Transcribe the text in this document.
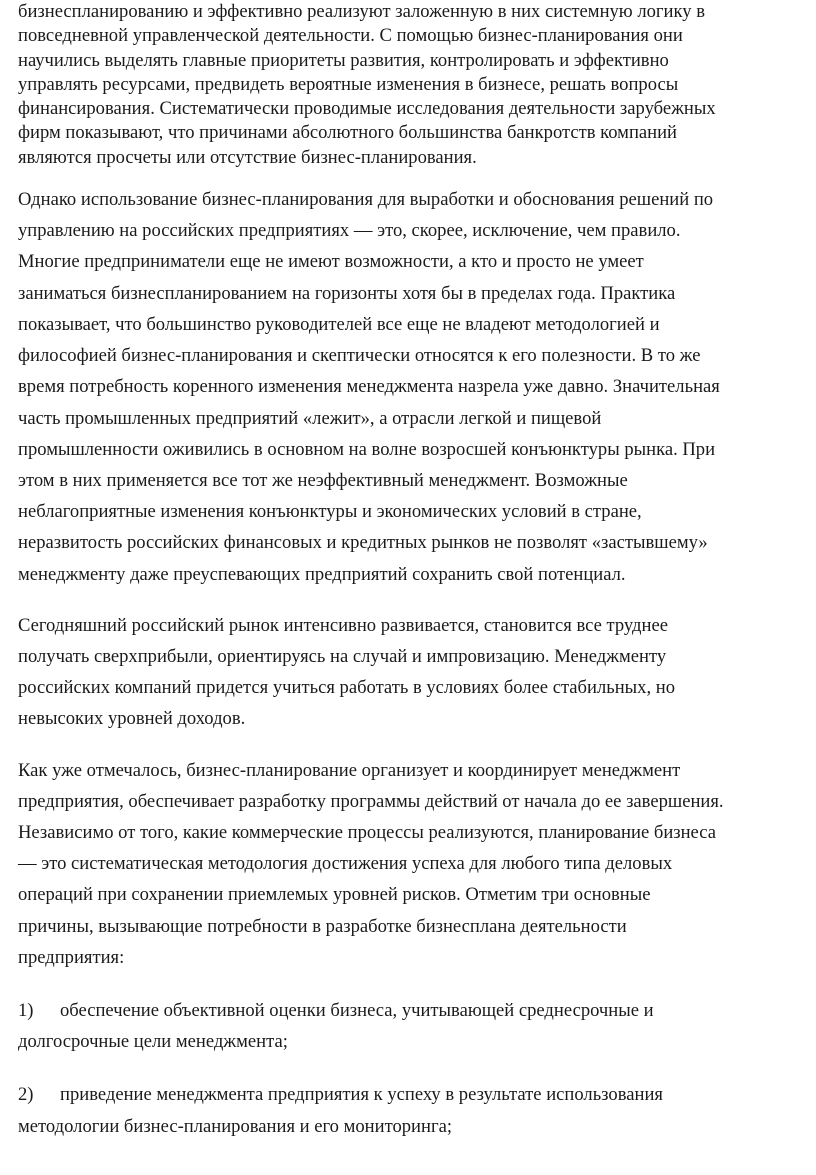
бизнеспланированию и эффективно реализуют заложенную в них системную логику в
повседневной управленческой деятельности. С помощью бизнес-планирования они
научились выделять главные приоритеты развития, контролировать и эффективно
управлять ресурсами, предвидеть вероятные изменения в бизнесе, решать вопросы
финансирования. Систематически проводимые исследования деятельности зарубежных
фирм показывают, что причинами абсолютного большинства банкротств компаний
являются просчеты или отсутствие бизнес-планирования.

Однако использование бизнес-планирования для выработки и обоснования решений по
управлению на российских предприятиях — это, скорее, исключение, чем правило.
Многие предприниматели еще не имеют возможности, а кто и просто не умеет
заниматься бизнеспланированием на горизонты хотя бы в пределах года. Практика
показывает, что большинство руководителей все еще не владеют методологией и
философией бизнес-планирования и скептически относятся к его полезности. В то же
время потребность коренного изменения менеджмента назрела уже давно. Значительная
часть промышленных предприятий «лежит», а отрасли легкой и пищевой
промышленности оживились в основном на волне возросшей конъюнктуры рынка. При
этом в них применяется все тот же неэффективный менеджмент. Возможные
неблагоприятные изменения конъюнктуры и экономических условий в стране,
неразвитость российских финансовых и кредитных рынков не позволят «застывшему»
менеджменту даже преуспевающих предприятий сохранить свой потенциал.

Сегодняшний российский рынок интенсивно развивается, становится все труднее
получать сверхприбыли, ориентируясь на случай и импровизацию. Менеджменту
российских компаний придется учиться работать в условиях более стабильных, но
невысоких уровней доходов.

Как уже отмечалось, бизнес-планирование организует и координирует менеджмент
предприятия, обеспечивает разработку программы действий от начала до ее завершения.
Независимо от того, какие коммерческие процессы реализуются, планирование бизнеса
— это систематическая методология достижения успеха для любого типа деловых
операций при сохранении приемлемых уровней рисков. Отметим три основные
причины, вызывающие потребности в разработке бизнесплана деятельности
предприятия:

1) обеспечение объективной оценки бизнеса, учитывающей среднесрочные и
долгосрочные цели менеджмента;
2) приведение менеджмента предприятия к успеху в результате использования
методологии бизнес-планирования и его мониторинга;
